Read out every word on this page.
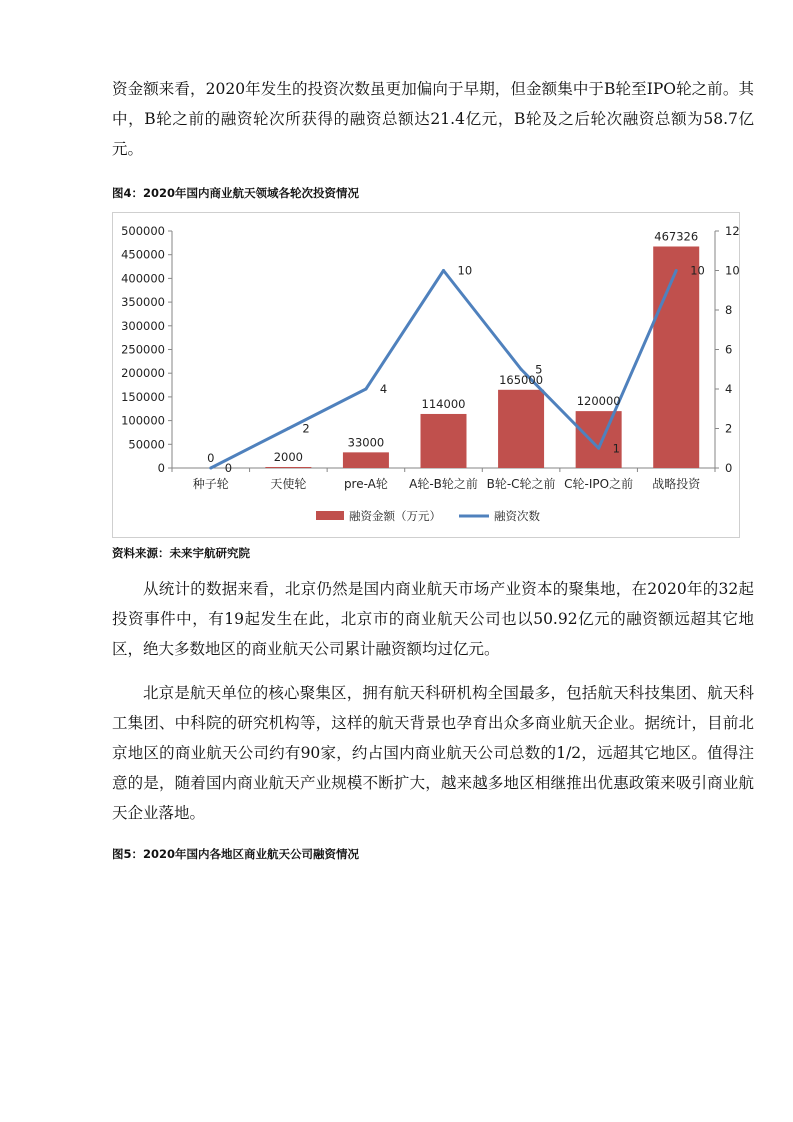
资金额来看，2020年发生的投资次数虽更加偏向于早期，但金额集中于B轮至IPO轮之前。其中，B轮之前的融资轮次所获得的融资总额达21.4亿元，B轮及之后轮次融资总额为58.7亿元。
图4：2020年国内商业航天领域各轮次投资情况
0
50000
100000
150000
200000
250000
300000
350000
400000
450000
500000
0
2
4
6
8
10
12
种子轮	天使轮	pre-A轮 A轮-B轮之前 B轮-C轮之前 C轮-IPO之前 战略投资
0	2000
33000
114000
165000
120000
467326
0
2
4
10
5
1
10
融资金额（万元）	融资次数
资料来源：未来宇航研究院
从统计的数据来看，北京仍然是国内商业航天市场产业资本的聚集地，在2020年的32起投资事件中，有19起发生在此，北京市的商业航天公司也以50.92亿元的融资额远超其它地区，绝大多数地区的商业航天公司累计融资额均过亿元。
北京是航天单位的核心聚集区，拥有航天科研机构全国最多，包括航天科技集团、航天科工集团、中科院的研究机构等，这样的航天背景也孕育出众多商业航天企业。据统计，目前北京地区的商业航天公司约有90家，约占国内商业航天公司总数的1/2，远超其它地区。值得注意的是，随着国内商业航天产业规模不断扩大，越来越多地区相继推出优惠政策来吸引商业航天企业落地。
图5：2020年国内各地区商业航天公司融资情况
